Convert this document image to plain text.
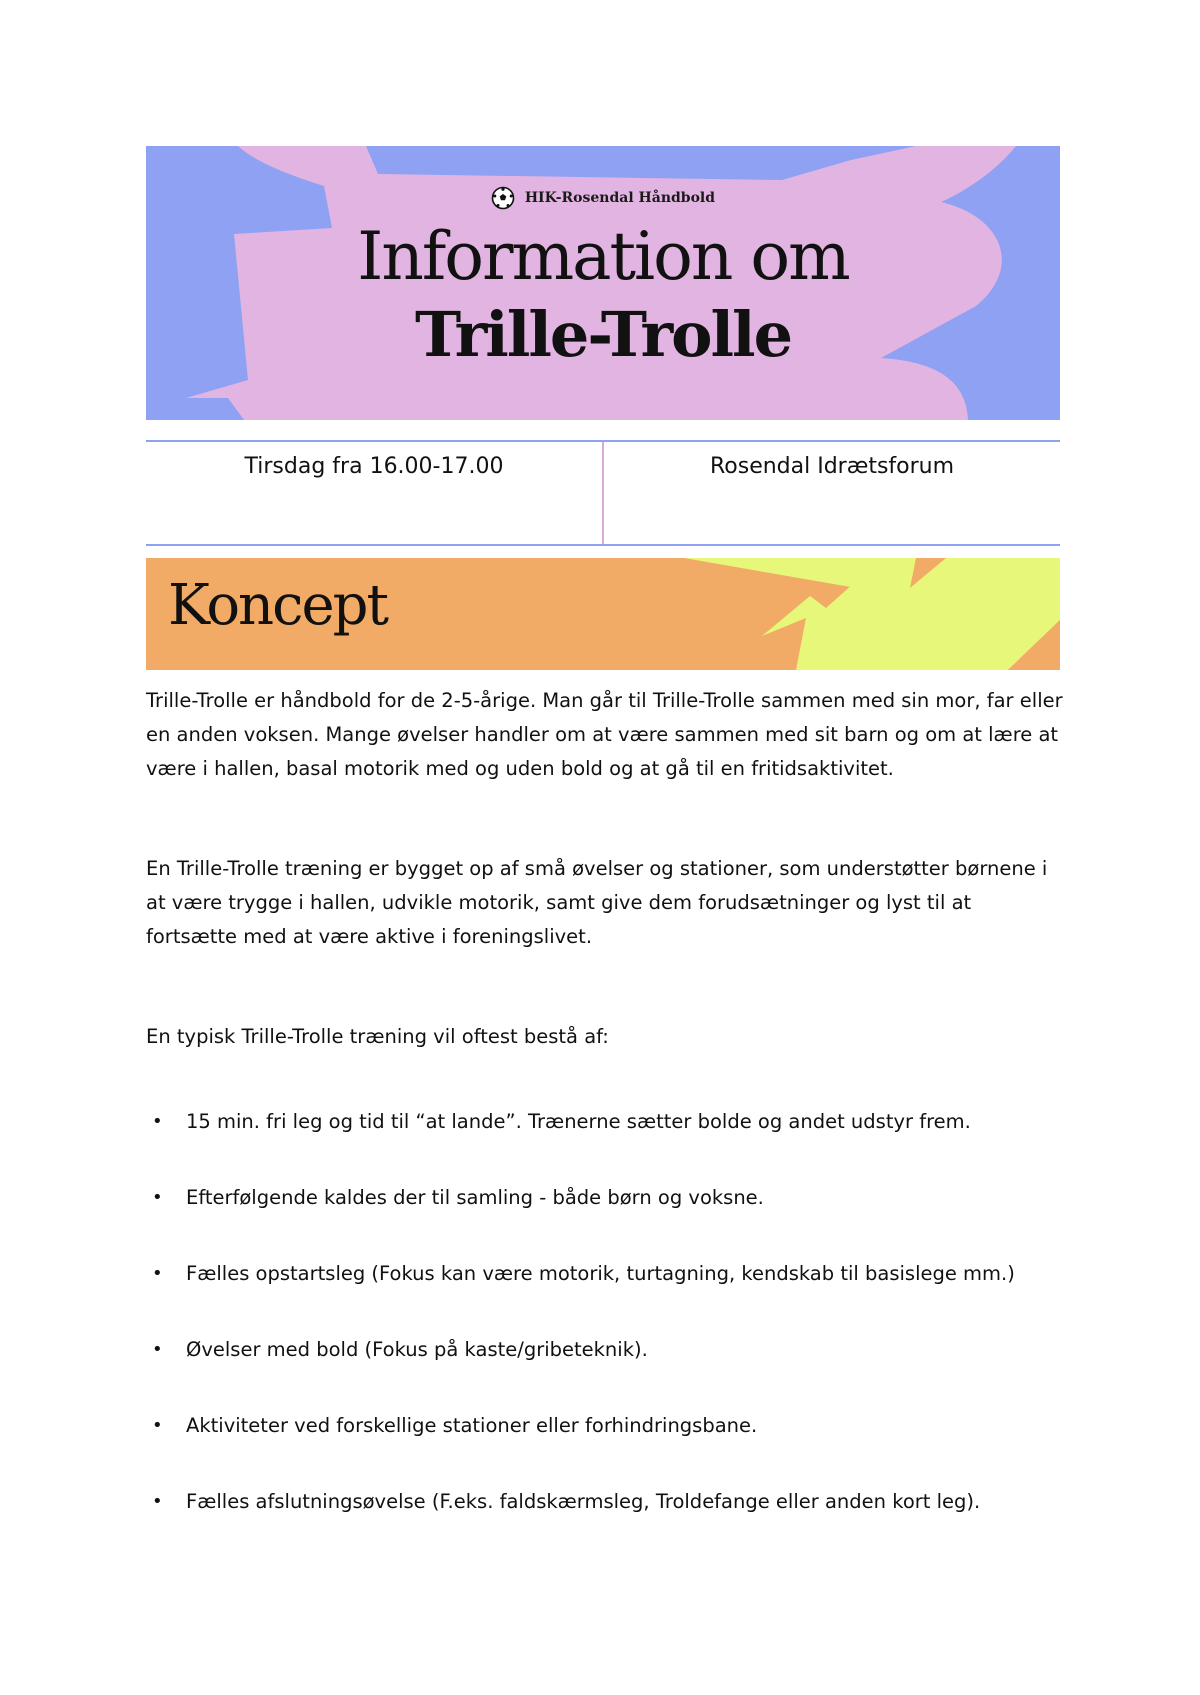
HIK-Rosendal Håndbold
Information om
Trille-Trolle
Tirsdag fra 16.00-17.00	Rosendal Idrætsforum
Koncept

Trille-Trolle er håndbold for de 2-5-årige. Man går til Trille-Trolle sammen med sin mor, far eller en anden voksen. Mange øvelser handler om at være sammen med sit barn og om at lære at være i hallen, basal motorik med og uden bold og at gå til en fritidsaktivitet.

En Trille-Trolle træning er bygget op af små øvelser og stationer, som understøtter børnene i at være trygge i hallen, udvikle motorik, samt give dem forudsætninger og lyst til at fortsætte med at være aktive i foreningslivet.

En typisk Trille-Trolle træning vil oftest bestå af:

• 15 min. fri leg og tid til “at lande”. Trænerne sætter bolde og andet udstyr frem.
• Efterfølgende kaldes der til samling - både børn og voksne.
• Fælles opstartsleg (Fokus kan være motorik, turtagning, kendskab til basislege mm.)
• Øvelser med bold (Fokus på kaste/gribeteknik).
• Aktiviteter ved forskellige stationer eller forhindringsbane.
• Fælles afslutningsøvelse (F.eks. faldskærmsleg, Troldefange eller anden kort leg).
